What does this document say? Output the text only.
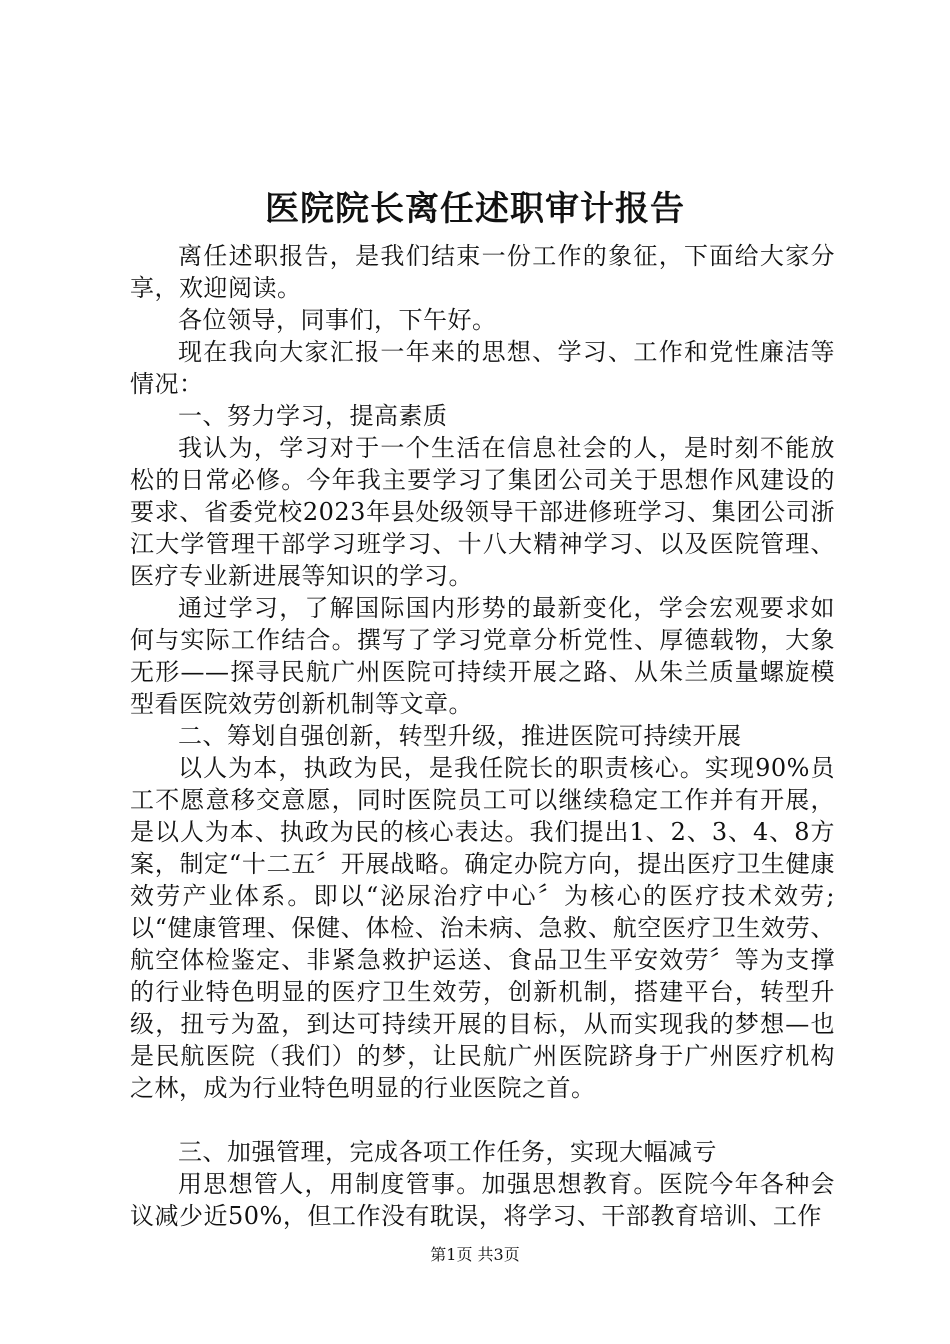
医院院长离任述职审计报告

离任述职报告，是我们结束一份工作的象征，下面给大家分享，欢迎阅读。

各位领导，同事们，下午好。

现在我向大家汇报一年来的思想、学习、工作和党性廉洁等情况：

一、努力学习，提高素质

我认为，学习对于一个生活在信息社会的人，是时刻不能放松的日常必修。今年我主要学习了集团公司关于思想作风建设的要求、省委党校2023年县处级领导干部进修班学习、集团公司浙江大学管理干部学习班学习、十八大精神学习、以及医院管理、医疗专业新进展等知识的学习。

通过学习，了解国际国内形势的最新变化，学会宏观要求如何与实际工作结合。撰写了学习党章分析党性、厚德载物，大象无形——探寻民航广州医院可持续开展之路、从朱兰质量螺旋模型看医院效劳创新机制等文章。

二、筹划自强创新，转型升级，推进医院可持续开展

以人为本，执政为民，是我任院长的职责核心。实现90%员工不愿意移交意愿，同时医院员工可以继续稳定工作并有开展，是以人为本、执政为民的核心表达。我们提出1、2、3、4、8方案，制定“十二五〞开展战略。确定办院方向，提出医疗卫生健康效劳产业体系。即以“泌尿治疗中心〞为核心的医疗技术效劳;以“健康管理、保健、体检、治未病、急救、航空医疗卫生效劳、航空体检鉴定、非紧急救护运送、食品卫生平安效劳〞等为支撑的行业特色明显的医疗卫生效劳，创新机制，搭建平台，转型升级，扭亏为盈，到达可持续开展的目标，从而实现我的梦想—也是民航医院（我们）的梦，让民航广州医院跻身于广州医疗机构之林，成为行业特色明显的行业医院之首。

三、加强管理，完成各项工作任务，实现大幅减亏

用思想管人，用制度管事。加强思想教育。医院今年各种会议减少近50%，但工作没有耽误，将学习、干部教育培训、工作

第1页 共3页
